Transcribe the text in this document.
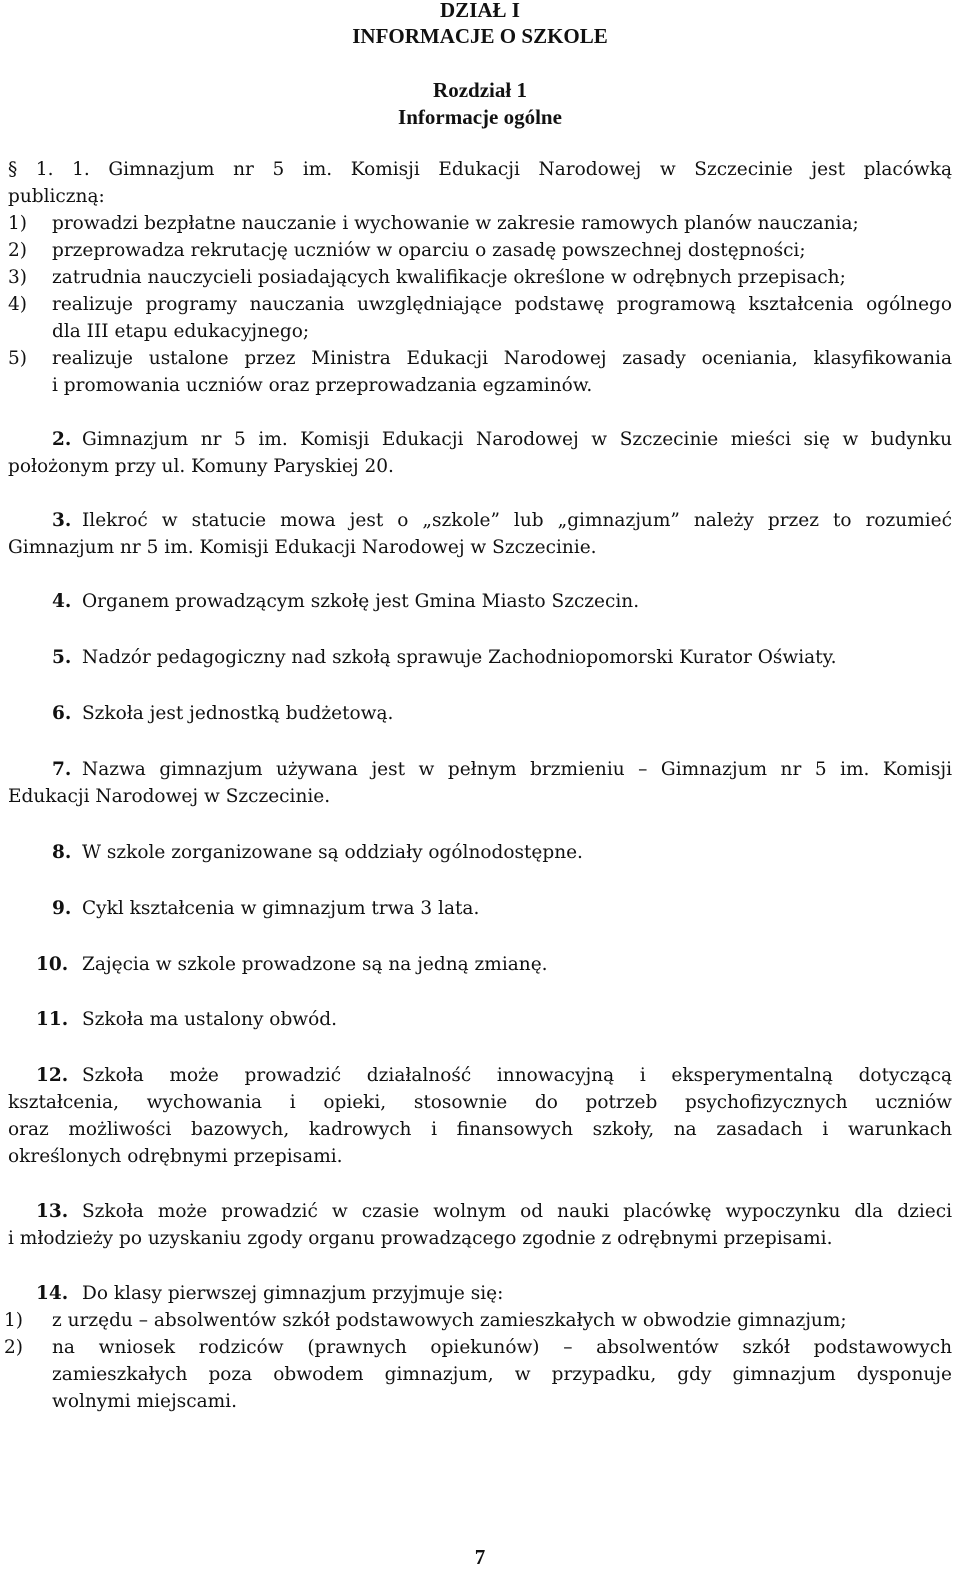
DZIAŁ I
INFORMACJE O SZKOLE
Rozdział 1
Informacje ogólne
§ 1. 1. Gimnazjum nr 5 im. Komisji Edukacji Narodowej w Szczecinie jest placówką
publiczną:
1) prowadzi bezpłatne nauczanie i wychowanie w zakresie ramowych planów nauczania;
2) przeprowadza rekrutację uczniów w oparciu o zasadę powszechnej dostępności;
3) zatrudnia nauczycieli posiadających kwalifikacje określone w odrębnych przepisach;
4) realizuje programy nauczania uwzględniające podstawę programową kształcenia ogólnego
dla III etapu edukacyjnego;
5) realizuje ustalone przez Ministra Edukacji Narodowej zasady oceniania, klasyfikowania
i promowania uczniów oraz przeprowadzania egzaminów.
2. Gimnazjum nr 5 im. Komisji Edukacji Narodowej w Szczecinie mieści się w budynku
położonym przy ul. Komuny Paryskiej 20.
3. Ilekroć w statucie mowa jest o „szkole” lub „gimnazjum” należy przez to rozumieć
Gimnazjum nr 5 im. Komisji Edukacji Narodowej w Szczecinie.
4. Organem prowadzącym szkołę jest Gmina Miasto Szczecin.
5. Nadzór pedagogiczny nad szkołą sprawuje Zachodniopomorski Kurator Oświaty.
6. Szkoła jest jednostką budżetową.
7. Nazwa gimnazjum używana jest w pełnym brzmieniu – Gimnazjum nr 5 im. Komisji
Edukacji Narodowej w Szczecinie.
8. W szkole zorganizowane są oddziały ogólnodostępne.
9. Cykl kształcenia w gimnazjum trwa 3 lata.
10. Zajęcia w szkole prowadzone są na jedną zmianę.
11. Szkoła ma ustalony obwód.
12. Szkoła może prowadzić działalność innowacyjną i eksperymentalną dotyczącą
kształcenia, wychowania i opieki, stosownie do potrzeb psychofizycznych uczniów
oraz możliwości bazowych, kadrowych i finansowych szkoły, na zasadach i warunkach
określonych odrębnymi przepisami.
13. Szkoła może prowadzić w czasie wolnym od nauki placówkę wypoczynku dla dzieci
i młodzieży po uzyskaniu zgody organu prowadzącego zgodnie z odrębnymi przepisami.
14. Do klasy pierwszej gimnazjum przyjmuje się:
1) z urzędu – absolwentów szkół podstawowych zamieszkałych w obwodzie gimnazjum;
2) na wniosek rodziców (prawnych opiekunów) – absolwentów szkół podstawowych
zamieszkałych poza obwodem gimnazjum, w przypadku, gdy gimnazjum dysponuje
wolnymi miejscami.
7
